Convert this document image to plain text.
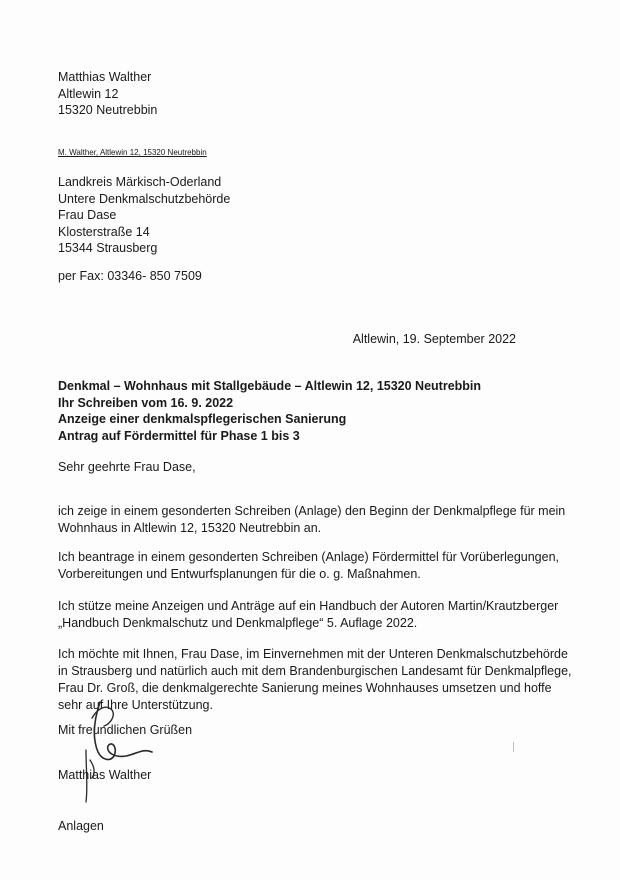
Matthias Walther
Altlewin 12
15320 Neutrebbin
M. Walther, Altlewin 12, 15320 Neutrebbin
Landkreis Märkisch-Oderland
Untere Denkmalschutzbehörde
Frau Dase
Klosterstraße 14
15344 Strausberg
per Fax: 03346- 850 7509
Altlewin, 19. September 2022
Denkmal – Wohnhaus mit Stallgebäude – Altlewin 12, 15320 Neutrebbin
Ihr Schreiben vom 16. 9. 2022
Anzeige einer denkmalspflegerischen Sanierung
Antrag auf Fördermittel für Phase 1 bis 3
Sehr geehrte Frau Dase,
ich zeige in einem gesonderten Schreiben (Anlage) den Beginn der Denkmalpflege für mein
Wohnhaus in Altlewin 12, 15320 Neutrebbin an.
Ich beantrage in einem gesonderten Schreiben (Anlage) Fördermittel für Vorüberlegungen,
Vorbereitungen und Entwurfsplanungen für die o. g. Maßnahmen.
Ich stütze meine Anzeigen und Anträge auf ein Handbuch der Autoren Martin/Krautzberger
„Handbuch Denkmalschutz und Denkmalpflege“ 5. Auflage 2022.
Ich möchte mit Ihnen, Frau Dase, im Einvernehmen mit der Unteren Denkmalschutzbehörde
in Strausberg und natürlich auch mit dem Brandenburgischen Landesamt für Denkmalpflege,
Frau Dr. Groß, die denkmalgerechte Sanierung meines Wohnhauses umsetzen und hoffe
sehr auf Ihre Unterstützung.
Mit freundlichen Grüßen
Matthias Walther
Anlagen
